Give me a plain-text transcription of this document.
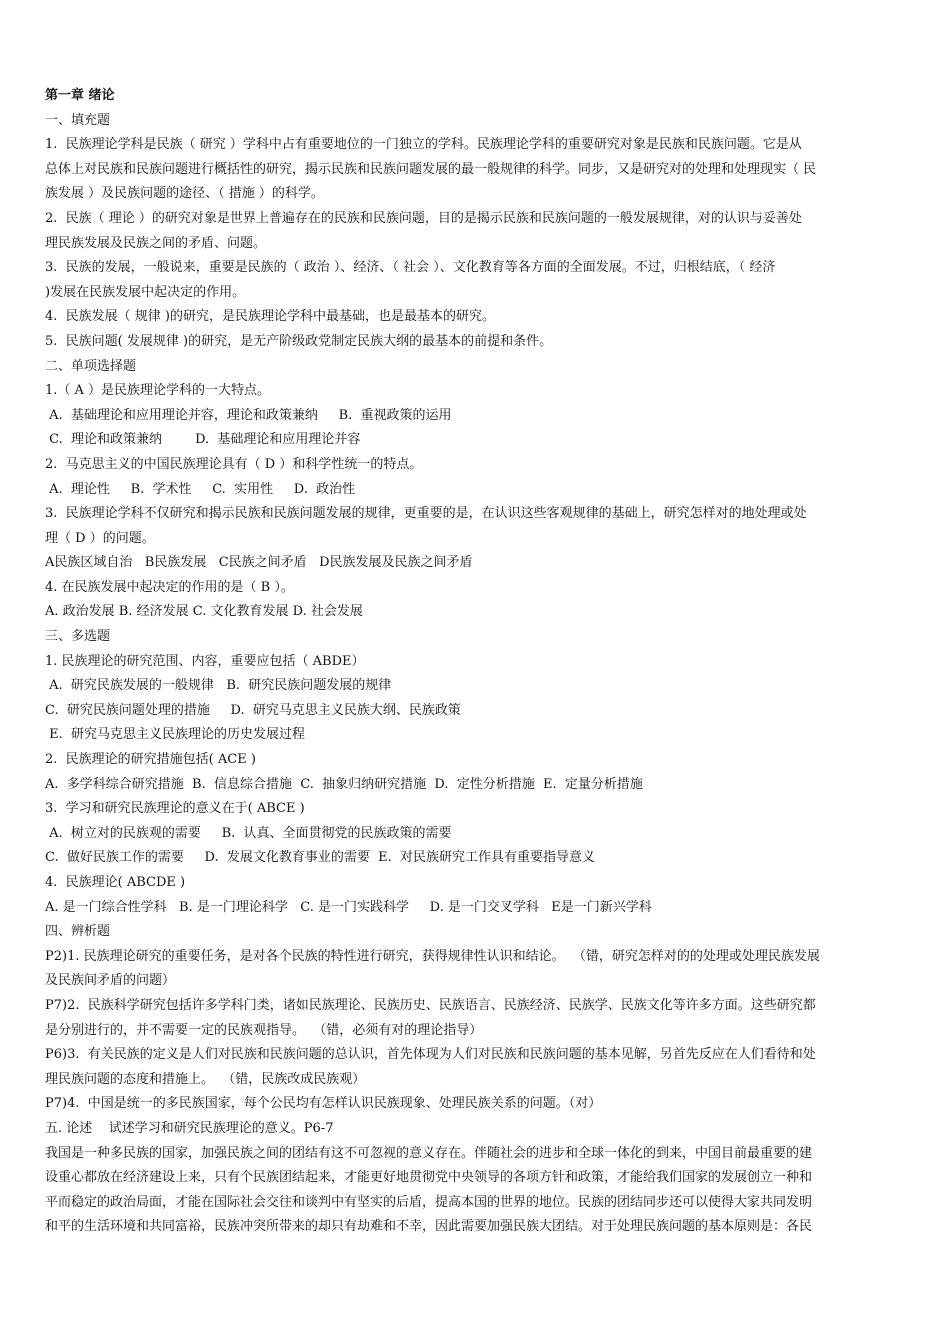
第一章 绪论
一、填充题
1.  民族理论学科是民族（ 研究 ）学科中占有重要地位的一门独立的学科。民族理论学科的重要研究对象是民族和民族问题。它是从
总体上对民族和民族问题进行概括性的研究，揭示民族和民族问题发展的最一般规律的科学。同步，又是研究对的处理和处理现实（ 民
族发展 ）及民族问题的途径、（ 措施 ）的科学。
2.  民族（ 理论 ）的研究对象是世界上普遍存在的民族和民族问题，目的是揭示民族和民族问题的一般发展规律，对的认识与妥善处
理民族发展及民族之间的矛盾、问题。
3.  民族的发展，一般说来，重要是民族的（ 政治 ）、经济、（ 社会 ）、文化教育等各方面的全面发展。不过，归根结底，（ 经济
)发展在民族发展中起决定的作用。
4.  民族发展（ 规律 )的研究，是民族理论学科中最基础，也是最基本的研究。
5.  民族问题( 发展规律 )的研究，是无产阶级政党制定民族大纲的最基本的前提和条件。
二、单项选择题
1.（ A ）是民族理论学科的一大特点。
A.  基础理论和应用理论并容，理论和政策兼纳     B.  重视政策的运用
C.  理论和政策兼纳        D.  基础理论和应用理论并容
2.  马克思主义的中国民族理论具有（ D ）和科学性统一的特点。
A.  理论性     B.  学术性     C.  实用性     D.  政治性
3.  民族理论学科不仅研究和揭示民族和民族问题发展的规律，更重要的是，在认识这些客观规律的基础上，研究怎样对的地处理或处
理（ D ）的问题。
A民族区域自治   B民族发展   C民族之间矛盾   D民族发展及民族之间矛盾
4. 在民族发展中起决定的作用的是（ B ）。
A. 政治发展 B. 经济发展 C. 文化教育发展 D. 社会发展
三、多选题
1. 民族理论的研究范围、内容，重要应包括（ ABDE）
A.  研究民族发展的一般规律   B.  研究民族问题发展的规律
C.  研究民族问题处理的措施     D.  研究马克思主义民族大纲、民族政策
E.  研究马克思主义民族理论的历史发展过程
2.  民族理论的研究措施包括( ACE )
A.  多学科综合研究措施  B.  信息综合措施  C.  抽象归纳研究措施  D.  定性分析措施  E.  定量分析措施
3.  学习和研究民族理论的意义在于( ABCE )
A.  树立对的民族观的需要     B.  认真、全面贯彻党的民族政策的需要
C.  做好民族工作的需要     D.  发展文化教育事业的需要  E.  对民族研究工作具有重要指导意义
4.  民族理论( ABCDE )
A. 是一门综合性学科   B. 是一门理论科学   C. 是一门实践科学     D. 是一门交叉学科   E是一门新兴学科
四、辨析题
P2)1. 民族理论研究的重要任务，是对各个民族的特性进行研究，获得规律性认识和结论。  （错，研究怎样对的的处理或处理民族发展
及民族间矛盾的问题）
P7)2.  民族科学研究包括许多学科门类，诸如民族理论、民族历史、民族语言、民族经济、民族学、民族文化等许多方面。这些研究都
是分别进行的，并不需要一定的民族观指导。  （错，必须有对的理论指导）
P6)3.  有关民族的定义是人们对民族和民族问题的总认识，首先体现为人们对民族和民族问题的基本见解，另首先反应在人们看待和处
理民族问题的态度和措施上。  （错，民族改成民族观）
P7)4.  中国是统一的多民族国家，每个公民均有怎样认识民族现象、处理民族关系的问题。（对）
五. 论述    试述学习和研究民族理论的意义。P6-7
我国是一种多民族的国家，加强民族之间的团结有这不可忽视的意义存在。伴随社会的进步和全球一体化的到来，中国目前最重要的建
设重心都放在经济建设上来，只有个民族团结起来，才能更好地贯彻党中央领导的各项方针和政策，才能给我们国家的发展创立一种和
平而稳定的政治局面，才能在国际社会交往和谈判中有坚实的后盾，提高本国的世界的地位。民族的团结同步还可以使得大家共同发明
和平的生活环境和共同富裕，民族冲突所带来的却只有劫难和不幸，因此需要加强民族大团结。对于处理民族问题的基本原则是：各民
